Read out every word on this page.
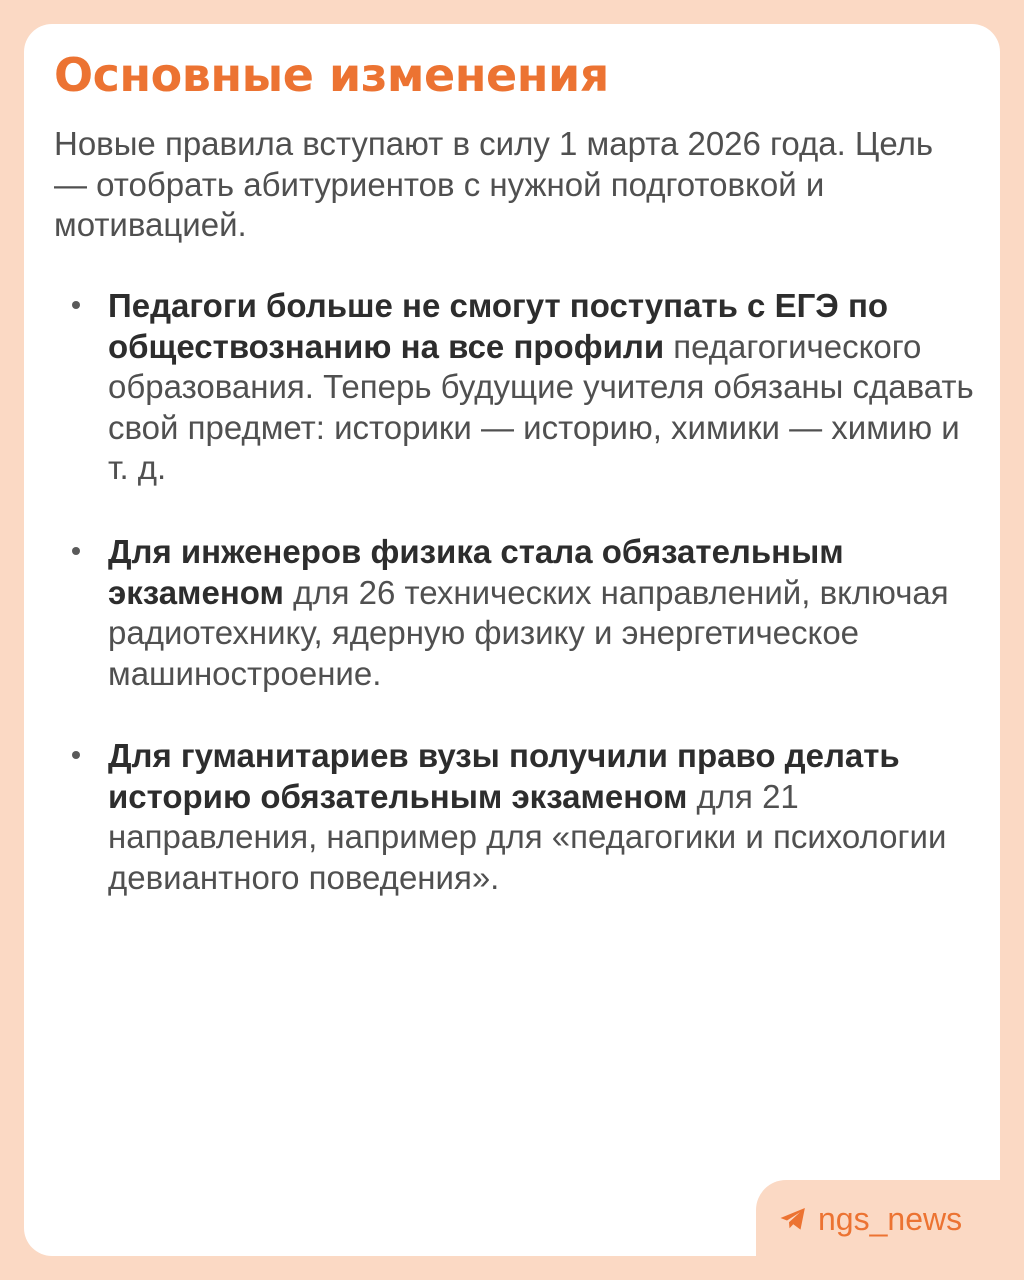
Основные изменения

Новые правила вступают в силу 1 марта 2026 года. Цель — отобрать абитуриентов с нужной подготовкой и мотивацией.

Педагоги больше не смогут поступать с ЕГЭ по обществознанию на все профили педагогического образования. Теперь будущие учителя обязаны сдавать свой предмет: историки — историю, химики — химию и т. д.
Для инженеров физика стала обязательным экзаменом для 26 технических направлений, включая радиотехнику, ядерную физику и энергетическое машиностроение.
Для гуманитариев вузы получили право делать историю обязательным экзаменом для 21 направления, например для «педагогики и психологии девиантного поведения».
ngs_news
